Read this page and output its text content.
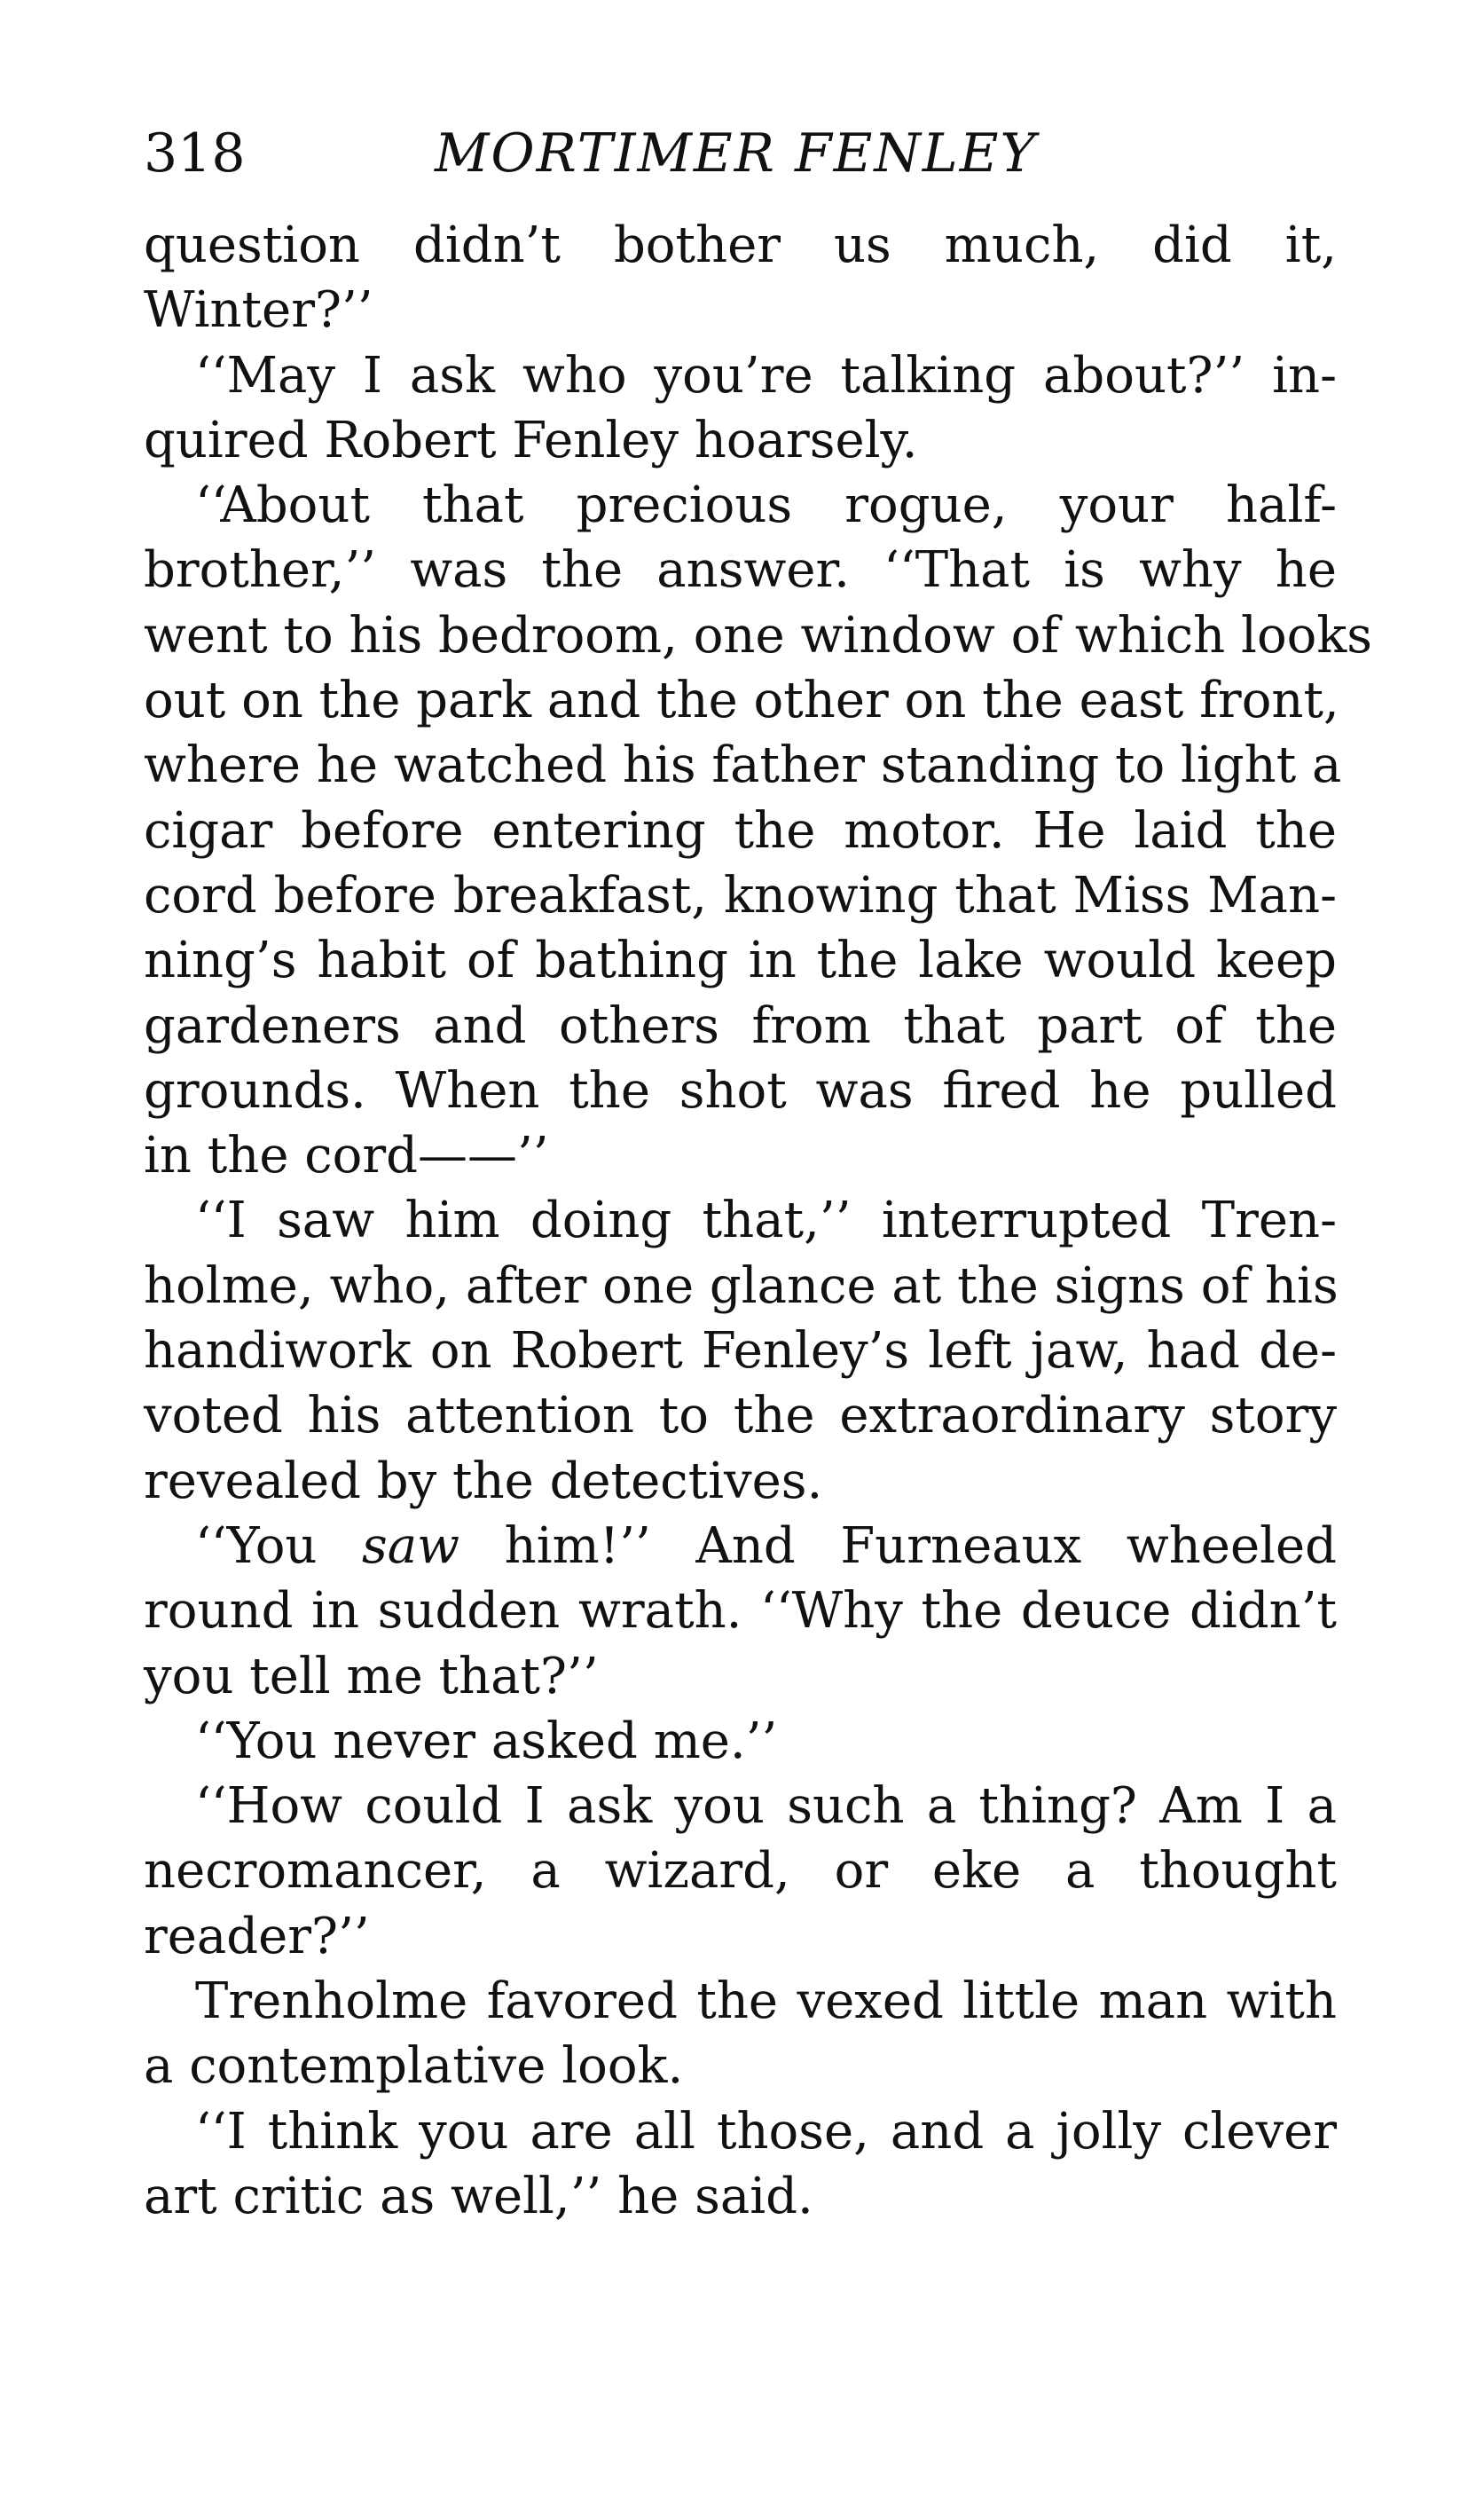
318	MORTIMER FENLEY
question didn’t bother us much, did it,
Winter?’’
‘‘May I ask who you’re talking about?’’ in-
quired Robert Fenley hoarsely.
‘‘About that precious rogue, your half-
brother,’’ was the answer. ‘‘That is why he
went to his bedroom, one window of which looks
out on the park and the other on the east front,
where he watched his father standing to light a
cigar before entering the motor. He laid the
cord before breakfast, knowing that Miss Man-
ning’s habit of bathing in the lake would keep
gardeners and others from that part of the
grounds. When the shot was fired he pulled
in the cord——’’
‘‘I saw him doing that,’’ interrupted Tren-
holme, who, after one glance at the signs of his
handiwork on Robert Fenley’s left jaw, had de-
voted his attention to the extraordinary story
revealed by the detectives.
‘‘You saw him!’’ And Furneaux wheeled
round in sudden wrath. ‘‘Why the deuce didn’t
you tell me that?’’
‘‘You never asked me.’’
‘‘How could I ask you such a thing? Am I a
necromancer, a wizard, or eke a thought
reader?’’
Trenholme favored the vexed little man with
a contemplative look.
‘‘I think you are all those, and a jolly clever
art critic as well,’’ he said.
